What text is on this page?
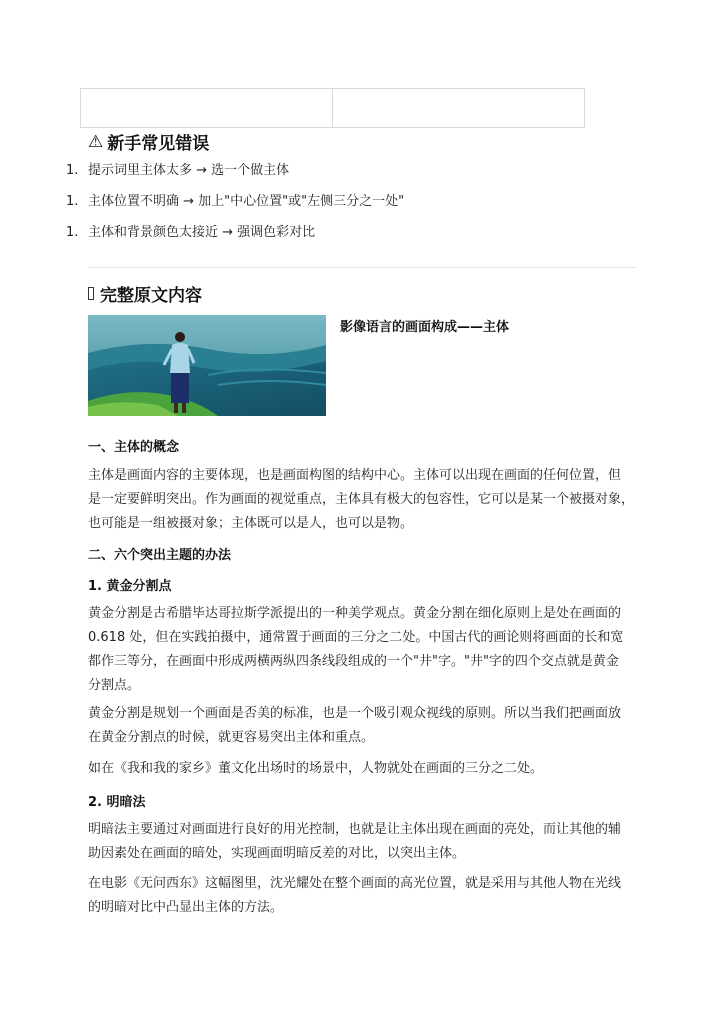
⚠ 新手常见错误
1. 提示词里主体太多 → 选一个做主体
1. 主体位置不明确 → 加上"中心位置"或"左侧三分之一处"
1. 主体和背景颜色太接近 → 强调色彩对比
完整原文内容
影像语言的画面构成——主体
一、主体的概念
主体是画面内容的主要体现，也是画面构图的结构中心。主体可以出现在画面的任何位置，但
是一定要鲜明突出。作为画面的视觉重点，主体具有极大的包容性，它可以是某一个被摄对象，
也可能是一组被摄对象；主体既可以是人，也可以是物。
二、六个突出主题的办法
1. 黄金分割点
黄金分割是古希腊毕达哥拉斯学派提出的一种美学观点。黄金分割在细化原则上是处在画面的
0.618 处，但在实践拍摄中，通常置于画面的三分之二处。中国古代的画论则将画面的长和宽
都作三等分，在画面中形成两横两纵四条线段组成的一个"井"字。"井"字的四个交点就是黄金
分割点。
黄金分割是规划一个画面是否美的标准，也是一个吸引观众视线的原则。所以当我们把画面放
在黄金分割点的时候，就更容易突出主体和重点。
如在《我和我的家乡》董文化出场时的场景中，人物就处在画面的三分之二处。
2. 明暗法
明暗法主要通过对画面进行良好的用光控制，也就是让主体出现在画面的亮处，而让其他的辅
助因素处在画面的暗处，实现画面明暗反差的对比，以突出主体。
在电影《无问西东》这幅图里，沈光耀处在整个画面的高光位置，就是采用与其他人物在光线
的明暗对比中凸显出主体的方法。
